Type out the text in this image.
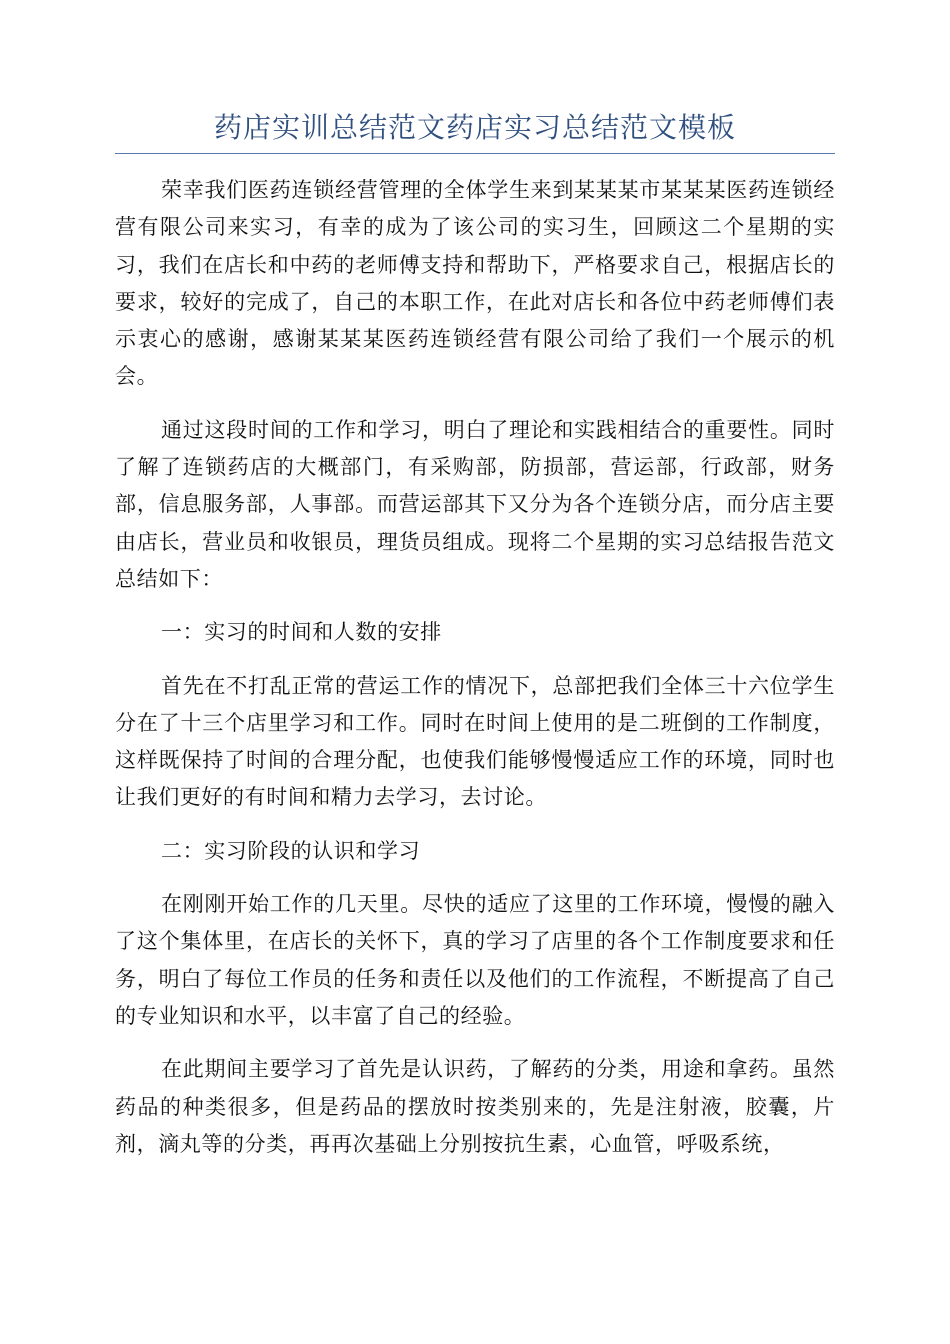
药店实训总结范文药店实习总结范文模板

荣幸我们医药连锁经营管理的全体学生来到某某某市某某某医药连锁经营有限公司来实习，有幸的成为了该公司的实习生，回顾这二个星期的实习，我们在店长和中药的老师傅支持和帮助下，严格要求自己，根据店长的要求，较好的完成了，自己的本职工作，在此对店长和各位中药老师傅们表示衷心的感谢，感谢某某某医药连锁经营有限公司给了我们一个展示的机会。

通过这段时间的工作和学习，明白了理论和实践相结合的重要性。同时了解了连锁药店的大概部门，有采购部，防损部，营运部，行政部，财务部，信息服务部，人事部。而营运部其下又分为各个连锁分店，而分店主要由店长，营业员和收银员，理货员组成。现将二个星期的实习总结报告范文总结如下：

一：实习的时间和人数的安排

首先在不打乱正常的营运工作的情况下，总部把我们全体三十六位学生分在了十三个店里学习和工作。同时在时间上使用的是二班倒的工作制度，这样既保持了时间的合理分配，也使我们能够慢慢适应工作的环境，同时也让我们更好的有时间和精力去学习，去讨论。

二：实习阶段的认识和学习

在刚刚开始工作的几天里。尽快的适应了这里的工作环境，慢慢的融入了这个集体里，在店长的关怀下，真的学习了店里的各个工作制度要求和任务，明白了每位工作员的任务和责任以及他们的工作流程，不断提高了自己的专业知识和水平，以丰富了自己的经验。

在此期间主要学习了首先是认识药，了解药的分类，用途和拿药。虽然药品的种类很多，但是药品的摆放时按类别来的，先是注射液，胶囊，片剂，滴丸等的分类，再再次基础上分别按抗生素，心血管，呼吸系统，
